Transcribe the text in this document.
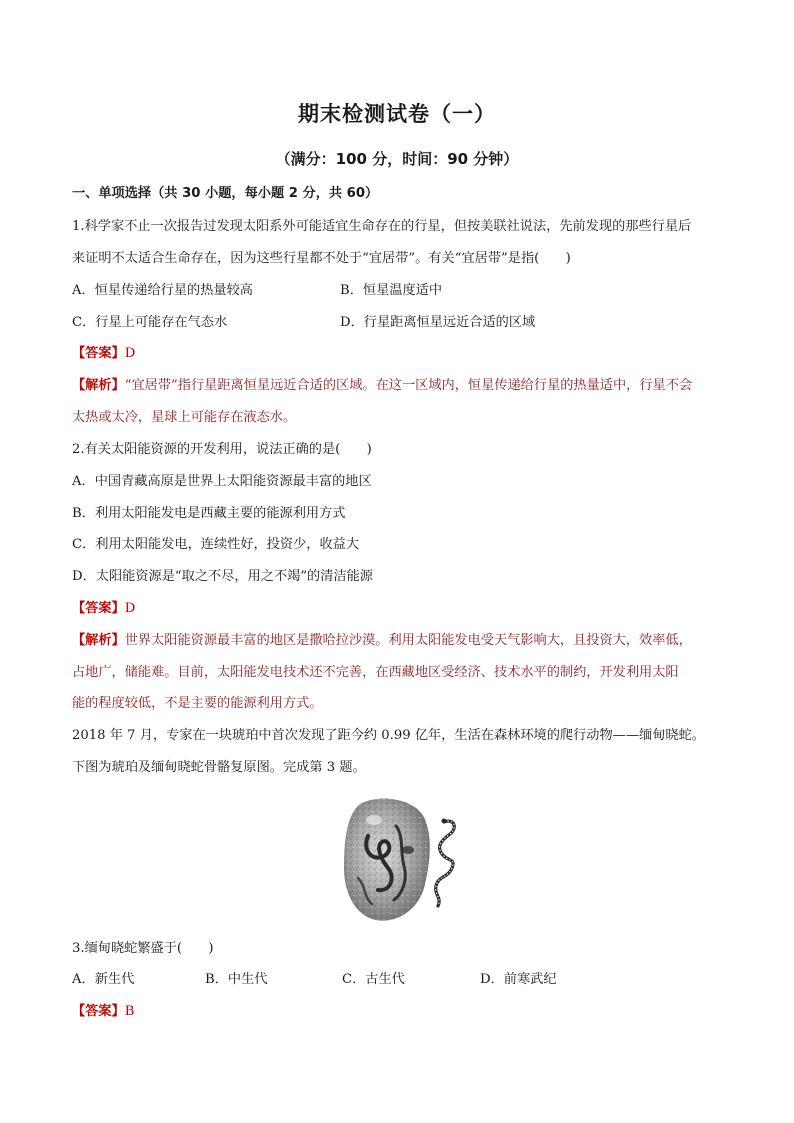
期末检测试卷（一）
（满分：100 分，时间：90 分钟）
一、单项选择（共 30 小题，每小题 2 分，共 60）
1.科学家不止一次报告过发现太阳系外可能适宜生命存在的行星，但按美联社说法，先前发现的那些行星后
来证明不太适合生命存在，因为这些行星都不处于“宜居带”。有关“宜居带”是指(　　)
A．恒星传递给行星的热量较高	B．恒星温度适中
C．行星上可能存在气态水	D．行星距离恒星远近合适的区域
【答案】D
【解析】“宜居带”指行星距离恒星远近合适的区域。在这一区域内，恒星传递给行星的热量适中，行星不会
太热或太冷，星球上可能存在液态水。
2.有关太阳能资源的开发利用，说法正确的是(　　)
A．中国青藏高原是世界上太阳能资源最丰富的地区
B．利用太阳能发电是西藏主要的能源利用方式
C．利用太阳能发电，连续性好，投资少，收益大
D．太阳能资源是“取之不尽，用之不竭”的清洁能源
【答案】D
【解析】世界太阳能资源最丰富的地区是撒哈拉沙漠。利用太阳能发电受天气影响大，且投资大，效率低，
占地广，储能难。目前，太阳能发电技术还不完善，在西藏地区受经济、技术水平的制约，开发利用太阳
能的程度较低，不是主要的能源利用方式。
2018 年 7 月，专家在一块琥珀中首次发现了距今约 0.99 亿年，生活在森林环境的爬行动物——缅甸晓蛇。
下图为琥珀及缅甸晓蛇骨骼复原图。完成第 3 题。
3.缅甸晓蛇繁盛于(　　)
A．新生代	B．中生代	C．古生代	D．前寒武纪
【答案】B
